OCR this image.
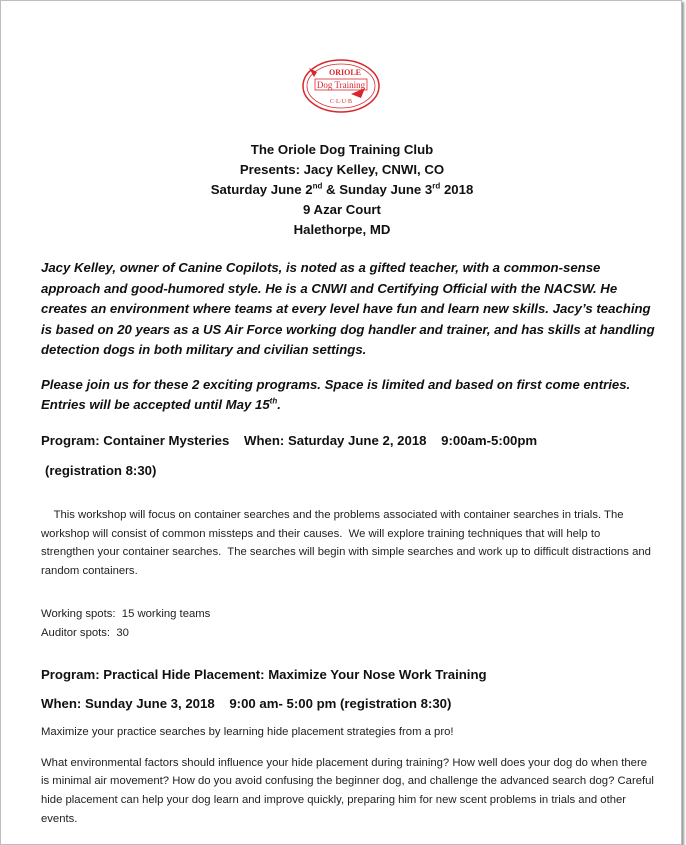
ORIOLE
Dog Training
C·L·U·B
The Oriole Dog Training Club
Presents: Jacy Kelley, CNWI, CO
Saturday June 2nd & Sunday June 3rd 2018
9 Azar Court
Halethorpe, MD
Jacy Kelley, owner of Canine Copilots, is noted as a gifted teacher, with a common-sense approach and good-humored style. He is a CNWI and Certifying Official with the NACSW. He creates an environment where teams at every level have fun and learn new skills. Jacy’s teaching is based on 20 years as a US Air Force working dog handler and trainer, and has skills at handling detection dogs in both military and civilian settings.
Please join us for these 2 exciting programs. Space is limited and based on first come entries. Entries will be accepted until May 15th.
Program: Container Mysteries    When: Saturday June 2, 2018    9:00am-5:00pm
(registration 8:30)

This workshop will focus on container searches and the problems associated with container searches in trials. The workshop will consist of common missteps and their causes.  We will explore training techniques that will help to strengthen your container searches.  The searches will begin with simple searches and work up to difficult distractions and random containers.

Working spots:  15 working teams
Auditor spots:  30
Program: Practical Hide Placement: Maximize Your Nose Work Training
When: Sunday June 3, 2018    9:00 am- 5:00 pm (registration 8:30)
Maximize your practice searches by learning hide placement strategies from a pro!
What environmental factors should influence your hide placement during training? How well does your dog do when there is minimal air movement? How do you avoid confusing the beginner dog, and challenge the advanced search dog? Careful hide placement can help your dog learn and improve quickly, preparing him for new scent problems in trials and other events.
